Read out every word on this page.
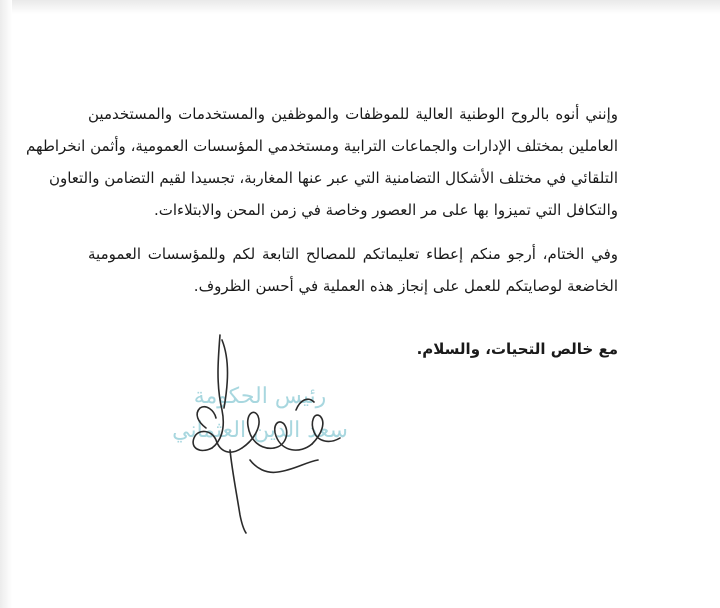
وإنني أنوه بالروح الوطنية العالية للموظفات والموظفين والمستخدمات والمستخدمين
العاملين بمختلف الإدارات والجماعات الترابية ومستخدمي المؤسسات العمومية، وأثمن انخراطهم
التلقائي في مختلف الأشكال التضامنية التي عبر عنها المغاربة، تجسيدا لقيم التضامن والتعاون
والتكافل التي تميزوا بها على مر العصور وخاصة في زمن المحن والابتلاءات.
وفي الختام، أرجو منكم إعطاء تعليماتكم للمصالح التابعة لكم وللمؤسسات العمومية
الخاضعة لوصايتكم للعمل على إنجاز هذه العملية في أحسن الظروف.
مع خالص التحيات، والسلام.
رئيس الحكومة
سعد الدين العثماني
